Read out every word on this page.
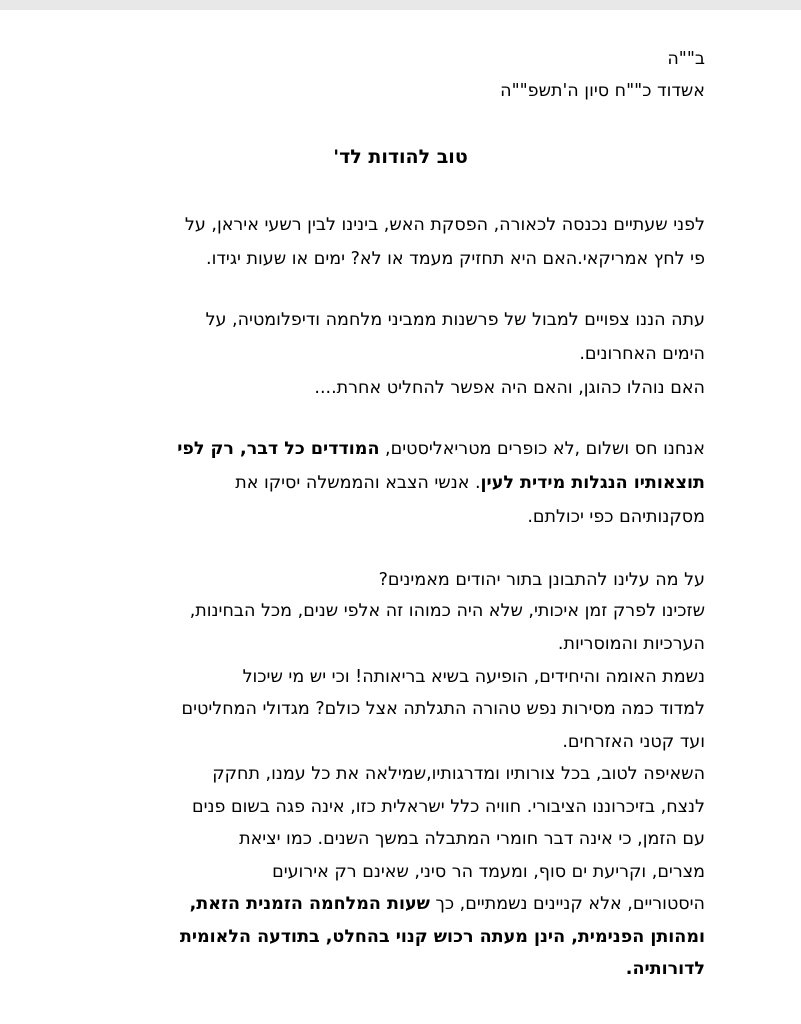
ב""ה
אשדוד כ""ח סיון ה'תשפ""ה
טוב להודות לד'
לפני שעתיים נכנסה לכאורה, הפסקת האש, בינינו לבין רשעי איראן, על
פי לחץ אמריקאי.האם היא תחזיק מעמד או לא? ימים או שעות יגידו.
עתה הננו צפויים למבול של פרשנות ממביני מלחמה ודיפלומטיה, על
הימים האחרונים.
האם נוהלו כהוגן, והאם היה אפשר להחליט אחרת....
אנחנו חס ושלום ,לא כופרים מטריאליסטים, המודדים כל דבר, רק לפי
תוצאותיו הנגלות מידית לעין. אנשי הצבא והממשלה יסיקו את
מסקנותיהם כפי יכולתם.
על מה עלינו להתבונן בתור יהודים מאמינים?
שזכינו לפרק זמן איכותי, שלא היה כמוהו זה אלפי שנים, מכל הבחינות,
הערכיות והמוסריות.
נשמת האומה והיחידים, הופיעה בשיא בריאותה! וכי יש מי שיכול
למדוד כמה מסירות נפש טהורה התגלתה אצל כולם? מגדולי המחליטים
ועד קטני האזרחים.
השאיפה לטוב, בכל צורותיו ומדרגותיו,שמילאה את כל עמנו, תחקק
לנצח, בזיכרוננו הציבורי. חוויה כלל ישראלית כזו, אינה פגה בשום פנים
עם הזמן, כי אינה דבר חומרי המתבלה במשך השנים. כמו יציאת
מצרים, וקריעת ים סוף, ומעמד הר סיני, שאינם רק אירועים
היסטוריים, אלא קניינים נשמתיים, כך שעות המלחמה הזמנית הזאת,
ומהותן הפנימית, הינן מעתה רכוש קנוי בהחלט, בתודעה הלאומית
לדורותיה.
